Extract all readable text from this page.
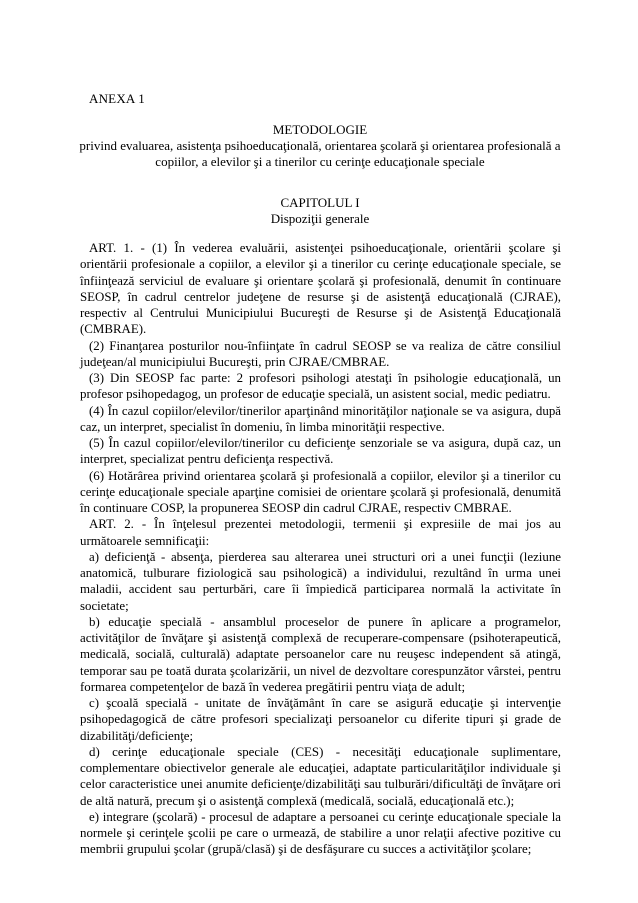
ANEXA 1
METODOLOGIE
privind evaluarea, asistenţa psihoeducaţională, orientarea şcolară şi orientarea profesională a copiilor, a elevilor şi a tinerilor cu cerinţe educaţionale speciale
CAPITOLUL I
Dispoziţii generale

ART. 1. - (1) În vederea evaluării, asistenţei psihoeducaţionale, orientării şcolare şi orientării profesionale a copiilor, a elevilor şi a tinerilor cu cerinţe educaţionale speciale, se înfiinţează serviciul de evaluare şi orientare şcolară şi profesională, denumit în continuare SEOSP, în cadrul centrelor judeţene de resurse şi de asistenţă educaţională (CJRAE), respectiv al Centrului Municipiului Bucureşti de Resurse şi de Asistenţă Educaţională (CMBRAE).

(2) Finanţarea posturilor nou-înfiinţate în cadrul SEOSP se va realiza de către consiliul judeţean/al municipiului Bucureşti, prin CJRAE/CMBRAE.

(3) Din SEOSP fac parte: 2 profesori psihologi atestaţi în psihologie educaţională, un profesor psihopedagog, un profesor de educaţie specială, un asistent social, medic pediatru.

(4) În cazul copiilor/elevilor/tinerilor aparţinând minorităţilor naţionale se va asigura, după caz, un interpret, specialist în domeniu, în limba minorităţii respective.

(5) În cazul copiilor/elevilor/tinerilor cu deficienţe senzoriale se va asigura, după caz, un interpret, specializat pentru deficienţa respectivă.

(6) Hotărârea privind orientarea şcolară şi profesională a copiilor, elevilor şi a tinerilor cu cerinţe educaţionale speciale aparţine comisiei de orientare şcolară şi profesională, denumită în continuare COSP, la propunerea SEOSP din cadrul CJRAE, respectiv CMBRAE.

ART. 2. - În înţelesul prezentei metodologii, termenii şi expresiile de mai jos au următoarele semnificaţii:

a) deficienţă - absenţa, pierderea sau alterarea unei structuri ori a unei funcţii (leziune anatomică, tulburare fiziologică sau psihologică) a individului, rezultând în urma unei maladii, accident sau perturbări, care îi împiedică participarea normală la activitate în societate;

b) educaţie specială - ansamblul proceselor de punere în aplicare a programelor, activităţilor de învăţare şi asistenţă complexă de recuperare-compensare (psihoterapeutică, medicală, socială, culturală) adaptate persoanelor care nu reuşesc independent să atingă, temporar sau pe toată durata şcolarizării, un nivel de dezvoltare corespunzător vârstei, pentru formarea competenţelor de bază în vederea pregătirii pentru viaţa de adult;

c) şcoală specială - unitate de învăţământ în care se asigură educaţie şi intervenţie psihopedagogică de către profesori specializaţi persoanelor cu diferite tipuri şi grade de dizabilităţi/deficienţe;

d) cerinţe educaţionale speciale (CES) - necesităţi educaţionale suplimentare, complementare obiectivelor generale ale educaţiei, adaptate particularităţilor individuale şi celor caracteristice unei anumite deficienţe/dizabilităţi sau tulburări/dificultăţi de învăţare ori de altă natură, precum şi o asistenţă complexă (medicală, socială, educaţională etc.);

e) integrare (şcolară) - procesul de adaptare a persoanei cu cerinţe educaţionale speciale la normele şi cerinţele şcolii pe care o urmează, de stabilire a unor relaţii afective pozitive cu membrii grupului şcolar (grupă/clasă) şi de desfăşurare cu succes a activităţilor şcolare;
